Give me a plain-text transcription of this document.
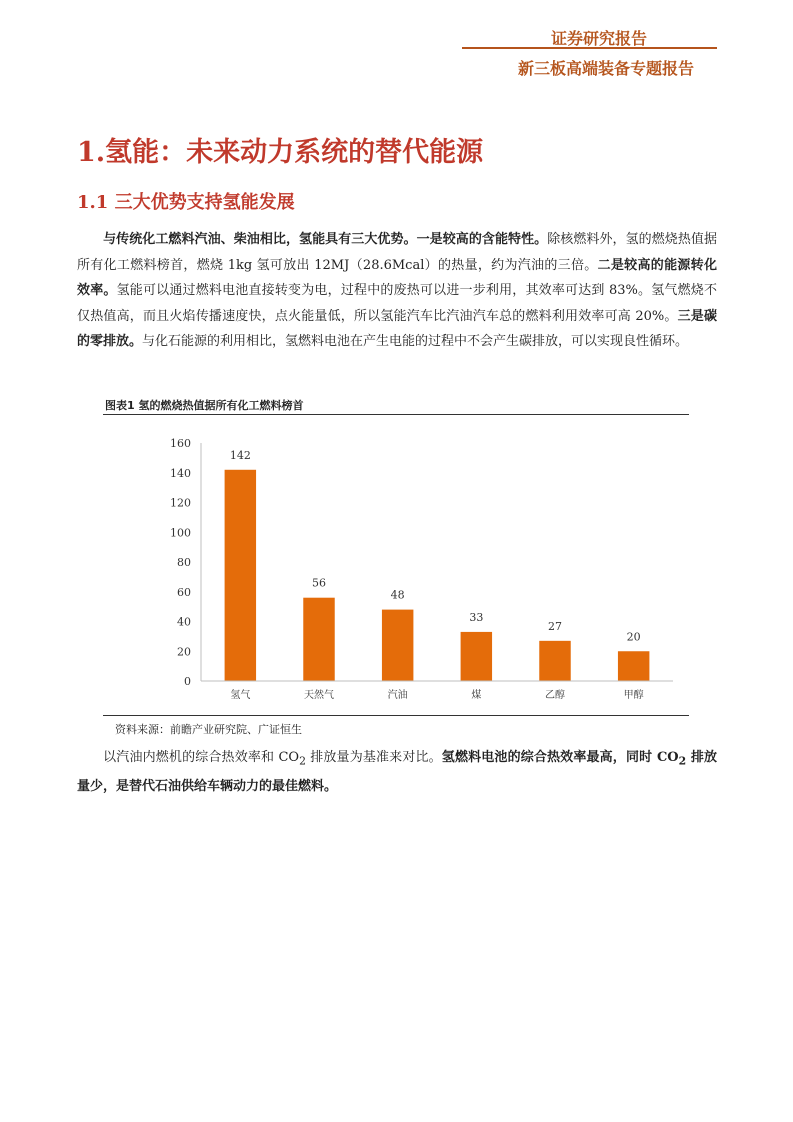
证券研究报告
新三板高端装备专题报告
1.氢能：未来动力系统的替代能源
1.1 三大优势支持氢能发展

与传统化工燃料汽油、柴油相比，氢能具有三大优势。一是较高的含能特性。除核燃料外，氢的燃烧热值据所有化工燃料榜首，燃烧 1kg 氢可放出 12MJ（28.6Mcal）的热量，约为汽油的三倍。二是较高的能源转化效率。氢能可以通过燃料电池直接转变为电，过程中的废热可以进一步利用，其效率可达到 83%。氢气燃烧不仅热值高，而且火焰传播速度快，点火能量低，所以氢能汽车比汽油汽车总的燃料利用效率可高 20%。三是碳的零排放。与化石能源的利用相比，氢燃料电池在产生电能的过程中不会产生碳排放，可以实现良性循环。

图表1 氢的燃烧热值据所有化工燃料榜首
0
20
40
60
80
100
120
140
160
142
56
48
33
27
20
氢气	天然气	汽油	煤	乙醇	甲醇
资料来源：前瞻产业研究院、广证恒生

以汽油内燃机的综合热效率和 $CO_2$ 排放量为基准来对比。氢燃料电池的综合热效率最高，同时 $CO_2$ 排放量少，是替代石油供给车辆动力的最佳燃料。
